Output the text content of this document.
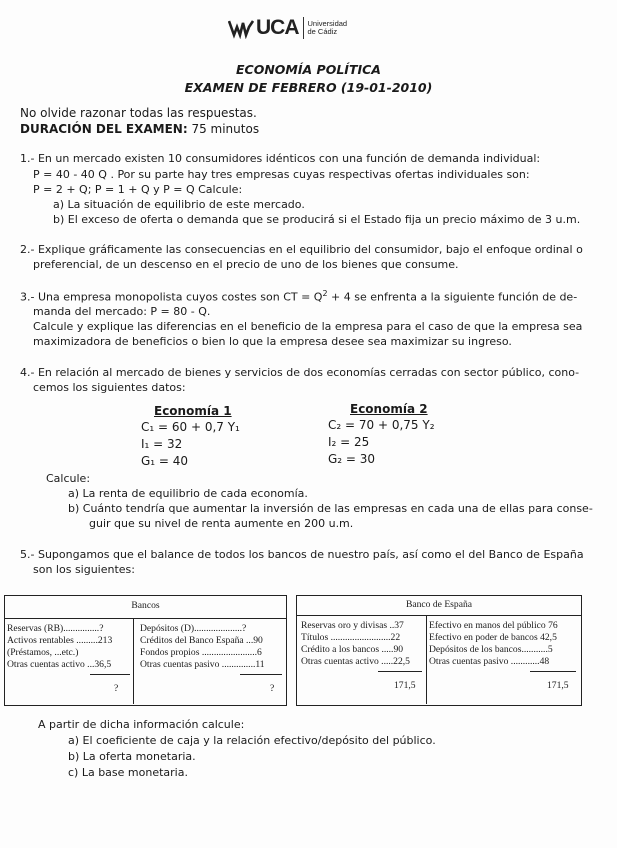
UCA Universidad
de Cádiz
ECONOMÍA POLÍTICA
EXAMEN DE FEBRERO (19-01-2010)
No olvide razonar todas las respuestas.
DURACIÓN DEL EXAMEN: 75 minutos
1.- En un mercado existen 10 consumidores idénticos con una función de demanda individual:
P = 40 - 40 Q . Por su parte hay tres empresas cuyas respectivas ofertas individuales son:
P = 2 + Q; P = 1 + Q y P = Q Calcule:
a) La situación de equilibrio de este mercado.
b) El exceso de oferta o demanda que se producirá si el Estado fija un precio máximo de 3 u.m.
2.- Explique gráficamente las consecuencias en el equilibrio del consumidor, bajo el enfoque ordinal o
preferencial, de un descenso en el precio de uno de los bienes que consume.
3.- Una empresa monopolista cuyos costes son CT = $Q^2 + 4$ se enfrenta a la siguiente función de de-
manda del mercado: P = 80 - Q.
Calcule y explique las diferencias en el beneficio de la empresa para el caso de que la empresa sea
maximizadora de beneficios o bien lo que la empresa desee sea maximizar su ingreso.
4.- En relación al mercado de bienes y servicios de dos economías cerradas con sector público, cono-
cemos los siguientes datos:
Economía 1
C₁ = 60 + 0,7 Y₁
I₁ = 32
G₁ = 40
Economía 2
C₂ = 70 + 0,75 Y₂
I₂ = 25
G₂ = 30
Calcule:
a) La renta de equilibrio de cada economía.
b) Cuánto tendría que aumentar la inversión de las empresas en cada una de ellas para conse-
guir que su nivel de renta aumente en 200 u.m.
5.- Supongamos que el balance de todos los bancos de nuestro país, así como el del Banco de España
son los siguientes:
Bancos
Reservas (RB)...............?
Activos rentables .........213
(Préstamos, ...etc.)
Otras cuentas activo ...36,5
?
Depósitos (D)....................?
Créditos del Banco España ...90
Fondos propios .......................6
Otras cuentas pasivo ..............11
?
Banco de España
Reservas oro y divisas ..37
Títulos .........................22
Crédito a los bancos .....90
Otras cuentas activo .....22,5
171,5
Efectivo en manos del público 76
Efectivo en poder de bancos 42,5
Depósitos de los bancos...........5
Otras cuentas pasivo ............48
171,5
A partir de dicha información calcule:
a) El coeficiente de caja y la relación efectivo/depósito del público.
b) La oferta monetaria.
c) La base monetaria.
